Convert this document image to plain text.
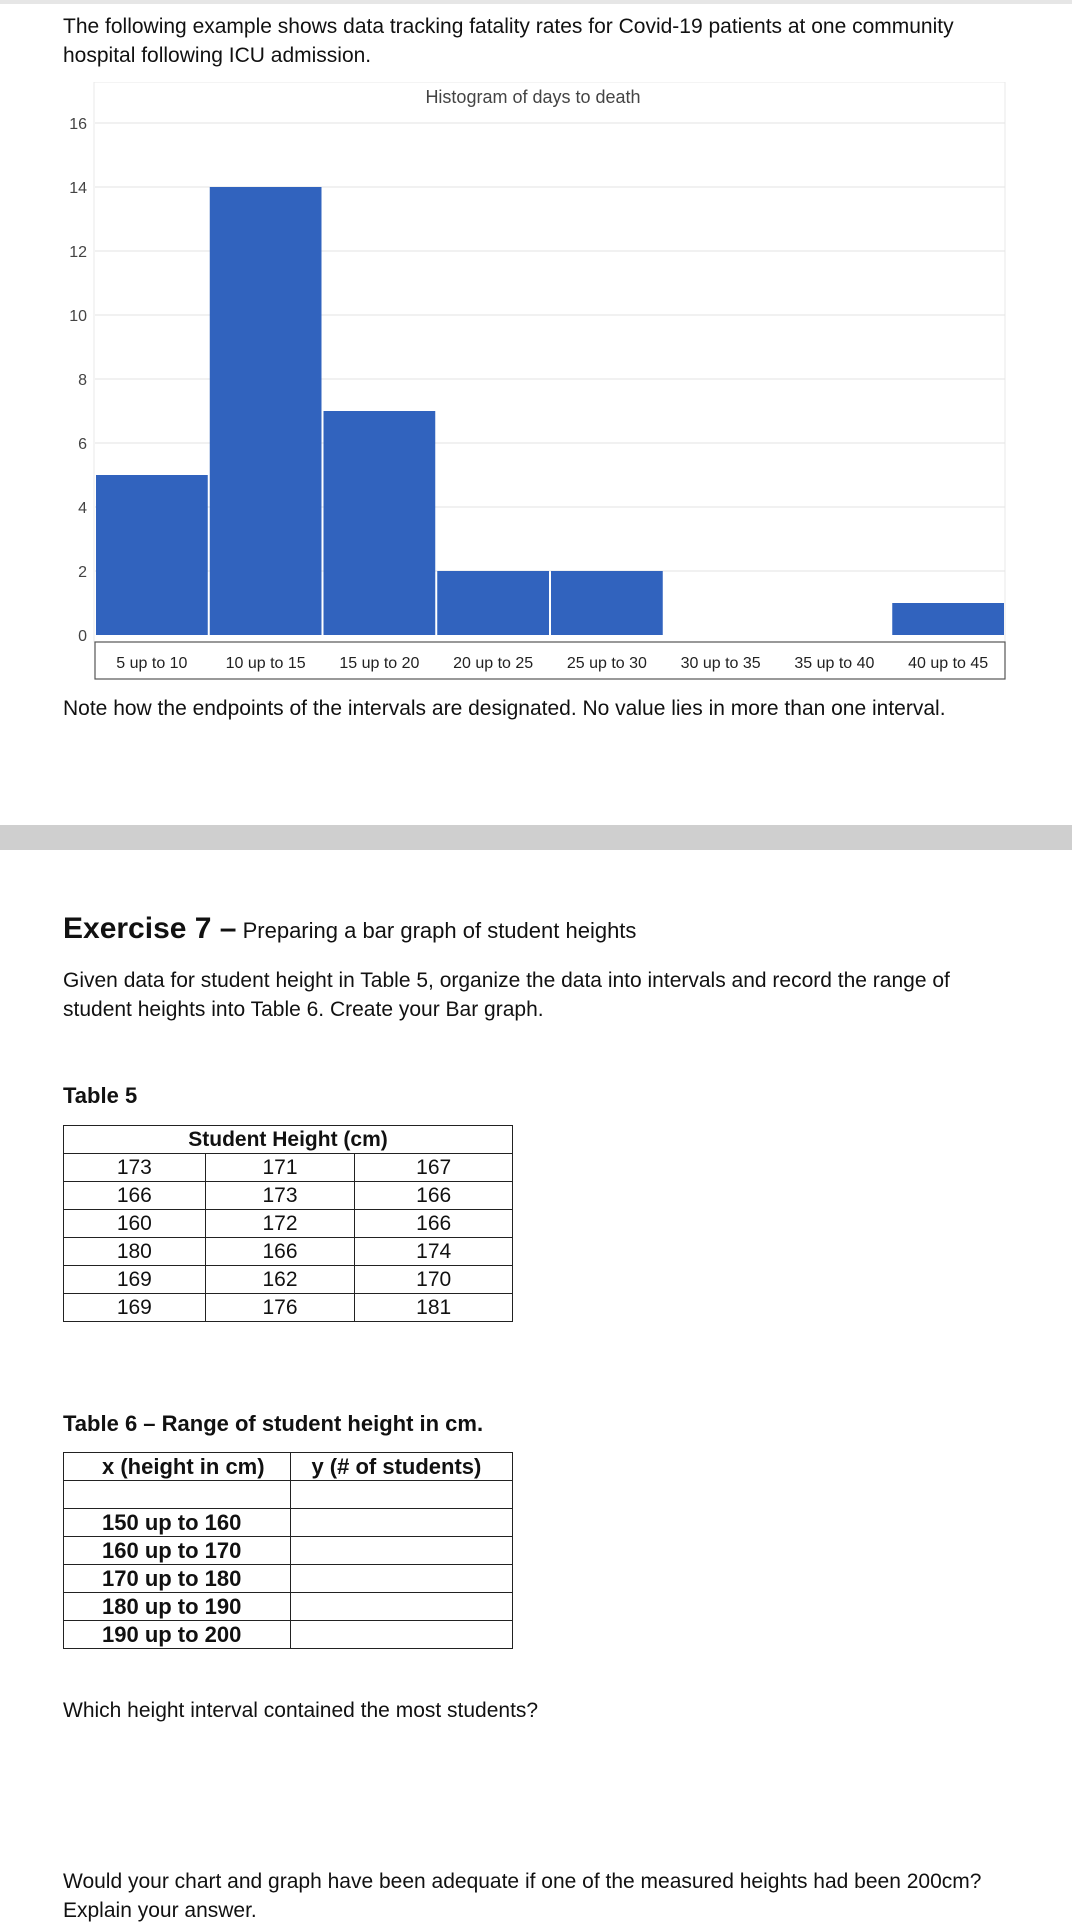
The following example shows data tracking fatality rates for Covid-19 patients at one community hospital following ICU admission.

0
2
4
6
8
10
12
14
16
5 up to 10 10 up to 15 15 up to 20 20 up to 25 25 up to 30 30 up to 35 35 up to 40 40 up to 45
Histogram of days to death

Note how the endpoints of the intervals are designated. No value lies in more than one interval.

Exercise 7 – Preparing a bar graph of student heights

Given data for student height in Table 5, organize the data into intervals and record the range of student heights into Table 6. Create your Bar graph.

Table 5

Student Height (cm)		
173	171	167
166	173	166
160	172	166
180	166	174
169	162	170
169	176	181

Table 6 – Range of student height in cm.

x (height in cm)	y (# of students)

150 up to 160	
160 up to 170	
170 up to 180	
180 up to 190	
190 up to 200	

Which height interval contained the most students?

Would your chart and graph have been adequate if one of the measured heights had been 200cm? Explain your answer.
